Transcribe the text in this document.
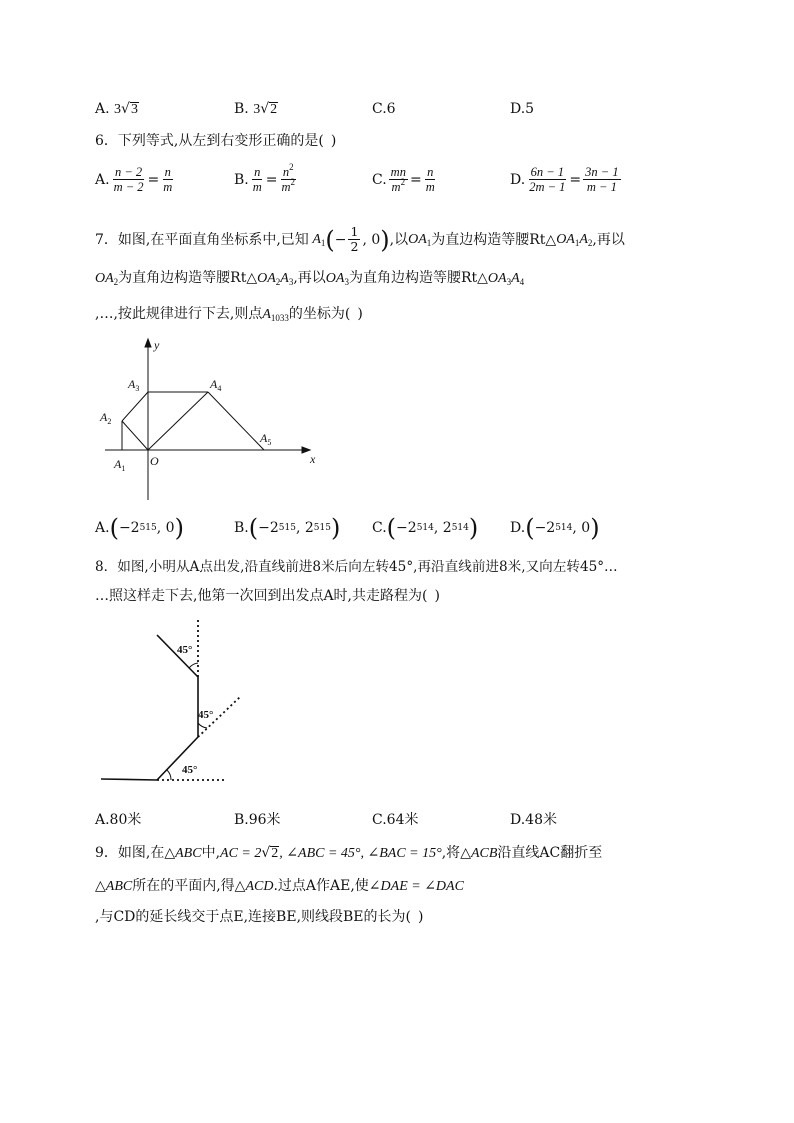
A. 3√3	B. 3√2	C.6	D.5
6．下列等式,从左到右变形正确的是( )
A. $\frac{n - 2}{m - 2} = \frac{n}{m}$	B. $\frac{n}{m} = \frac{n^2}{m^2}$	C. $\frac{mn}{m^2} = \frac{n}{m}$	D. $\frac{6n - 1}{2m - 1} = \frac{3n - 1}{m - 1}$
7．如图,在平面直角坐标系中,已知 $A_1$ ( − $\frac{1}{2}$ , 0 ) ,以 $OA_1$ 为直边构造等腰 Rt△ $OA_1A_2$ ,再以
$OA_2$为直角边构造等腰$Rt\triangle OA_2A_3$,再以$OA_3$为直角边构造等腰$Rt\triangle OA_3A_4$
,…,按此规律进行下去,则点$A_{1033}$的坐标为( )
y
x
O
$A_1$
$A_2$
$A_3$	$A_4$
$A_5$
A. ( −2 515 , 0 )	B. ( −2 515 , 2 515 ) C. ( −2 514 , 2 514 ) D. ( −2 514 , 0 )
8．如图,小明从A点出发,沿直线前进8米后向左转45°,再沿直线前进8米,又向左转45°…
…照这样走下去,他第一次回到出发点A时,共走路程为( )
45°
45°
45°
A.80米	B.96米	C.64米	D.48米
9．如图,在△ABC中,AC = 2√2, ∠ABC = 45°, ∠BAC = 15°,将△ACB沿直线AC翻折至
△ABC所在的平面内,得△ACD.过点A作AE,使∠DAE = ∠DAC
,与CD的延长线交于点E,连接BE,则线段BE的长为( )
